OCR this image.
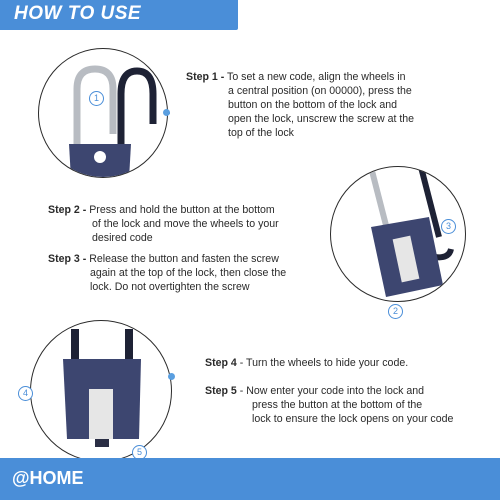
HOW TO USE
1
Step 1 - To set a new code, align the wheels in
a central position (on 00000), press the
button on the bottom of the lock and
open the lock, unscrew the screw at the
top of the lock
Step 2 - Press and hold the button at the bottom
of the lock and move the wheels to your
desired code
Step 3 - Release the button and fasten the screw
again at the top of the lock, then close the
lock. Do not overtighten the screw
3
2
4
5
Step 4 - Turn the wheels to hide your code.
Step 5 - Now enter your code into the lock and
press the button at the bottom of the
lock to ensure the lock opens on your code
@HOME
